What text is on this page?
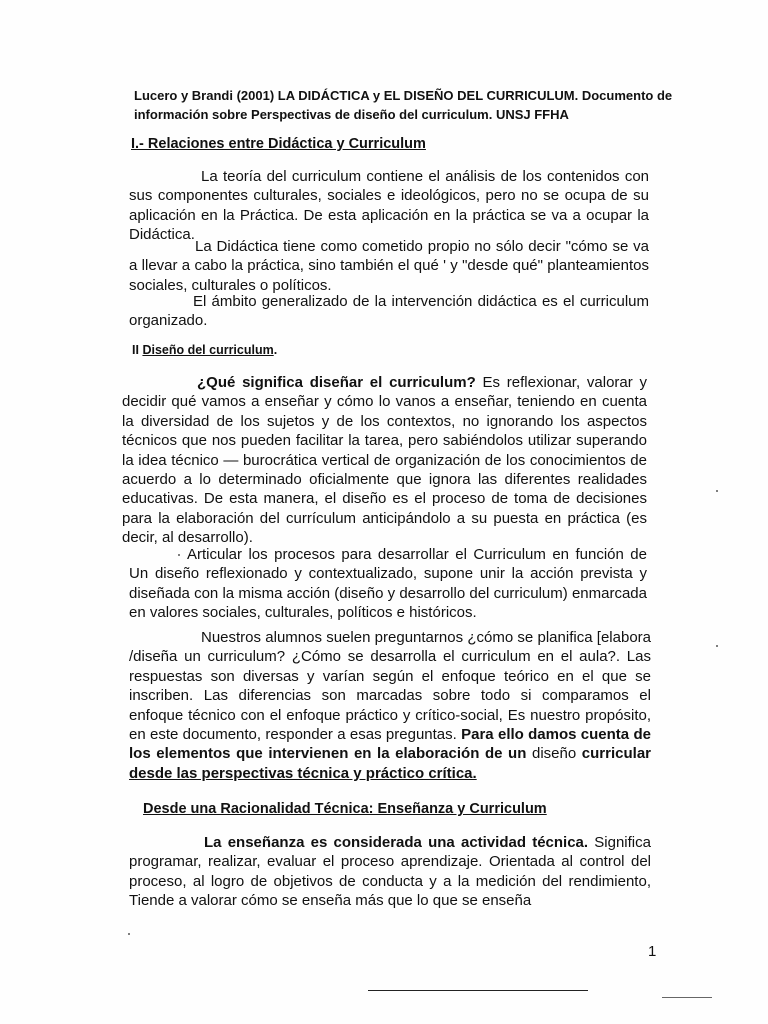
Lucero y Brandi (2001) LA DIDÁCTICA y EL DISEÑO DEL CURRICULUM. Documento de información sobre Perspectivas de diseño del curriculum. UNSJ FFHA
I.- Relaciones entre Didáctica y Curriculum
La teoría del curriculum contiene el análisis de los contenidos con sus componentes culturales, sociales e ideológicos, pero no se ocupa de su aplicación en la Práctica. De esta aplicación en la práctica se va a ocupar la Didáctica.
La Didáctica tiene como cometido propio no sólo decir "cómo se va a llevar a cabo la práctica, sino también el qué ' y "desde qué" planteamientos sociales, culturales o políticos.
El ámbito generalizado de la intervención didáctica es el curriculum organizado.
II Diseño del curriculum.
¿Qué significa diseñar el curriculum? Es reflexionar, valorar y decidir qué vamos a enseñar y cómo lo vanos a enseñar, teniendo en cuenta la diversidad de los sujetos y de los contextos, no ignorando los aspectos técnicos que nos pueden facilitar la tarea, pero sabiéndolos utilizar superando la idea técnico — burocrática vertical de organización de los conocimientos de acuerdo a lo determinado oficialmente que ignora las diferentes realidades educativas. De esta manera, el diseño es el proceso de toma de decisiones para la elaboración del currículum anticipándolo a su puesta en práctica (es decir, al desarrollo).
Articular los procesos para desarrollar el Curriculum en función de Un diseño reflexionado y contextualizado, supone unir la acción prevista y diseñada con la misma acción (diseño y desarrollo del curriculum) enmarcada en valores sociales, culturales, políticos e históricos.
Nuestros alumnos suelen preguntarnos ¿cómo se planifica [elabora /diseña un curriculum? ¿Cómo se desarrolla el curriculum en el aula?. Las respuestas son diversas y varían según el enfoque teórico en el que se inscriben. Las diferencias son marcadas sobre todo si comparamos el enfoque técnico con el enfoque práctico y crítico-social, Es nuestro propósito, en este documento, responder a esas preguntas. Para ello damos cuenta de los elementos que intervienen en la elaboración de un diseño curricular desde las perspectivas técnica y práctico crítica.
Desde una Racionalidad Técnica: Enseñanza y Curriculum
La enseñanza es considerada una actividad técnica. Significa programar, realizar, evaluar el proceso aprendizaje. Orientada al control del proceso, al logro de objetivos de conducta y a la medición del rendimiento, Tiende a valorar cómo se enseña más que lo que se enseña
1
